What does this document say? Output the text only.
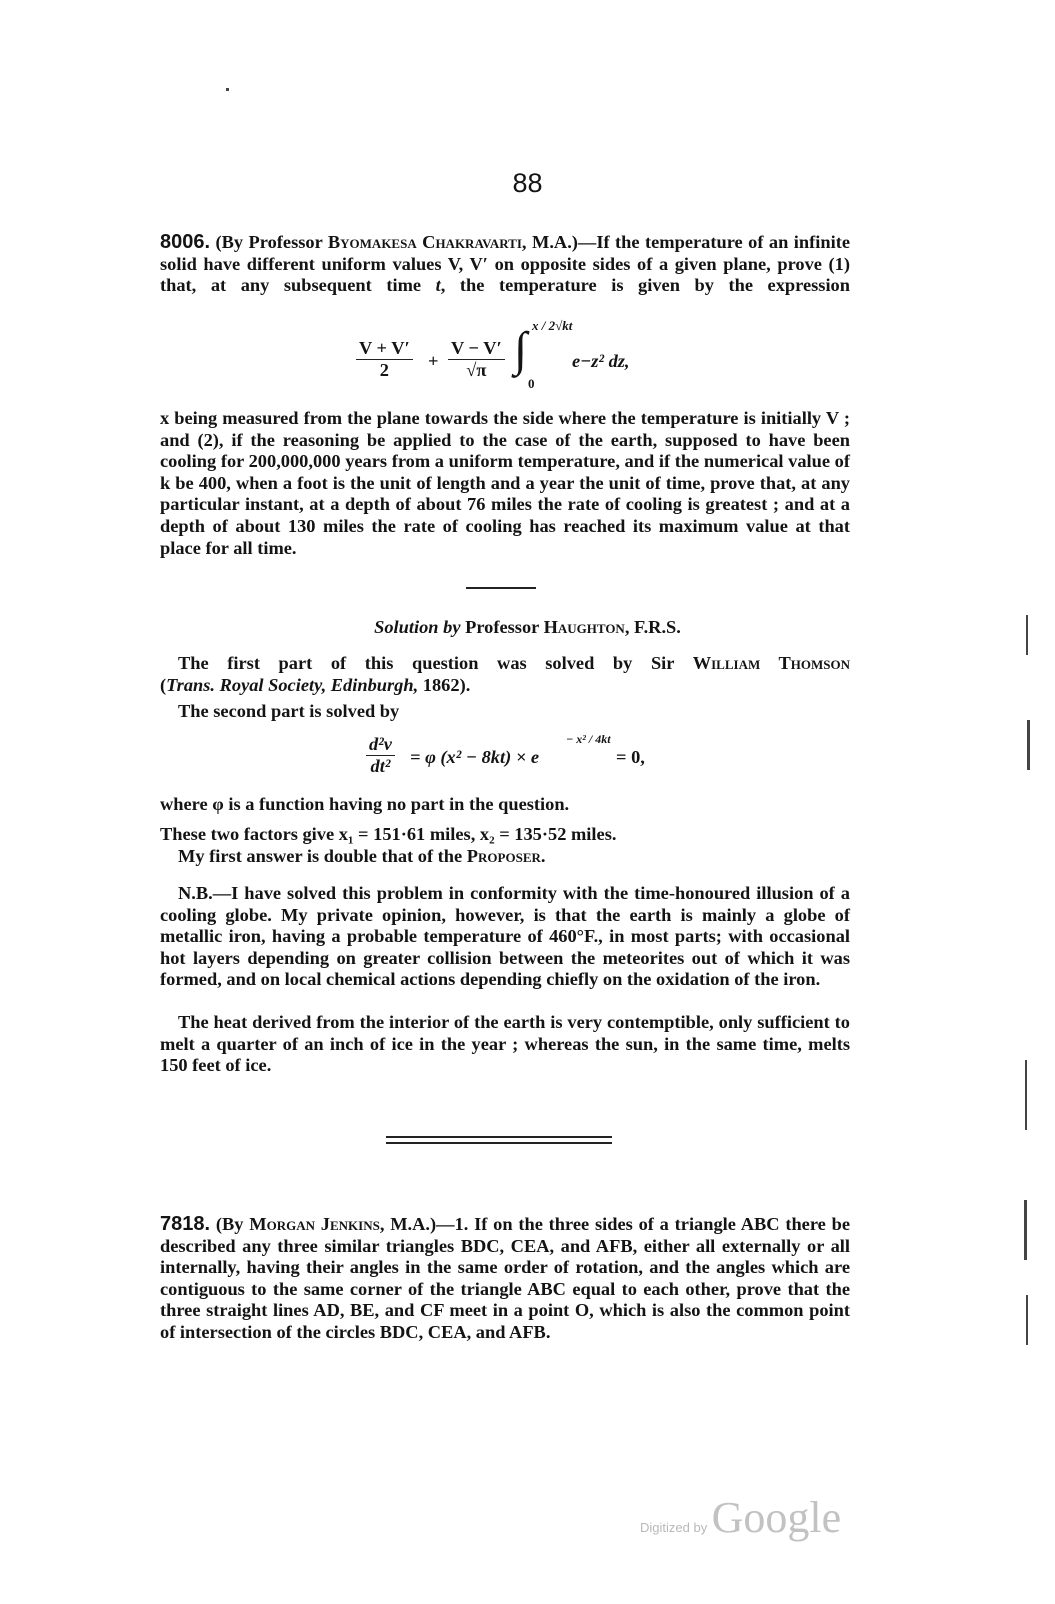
88
8006. (By Professor Byomakesa Chakravarti, M.A.)—If the temperature of an infinite solid have different uniform values V, V′ on opposite sides of a given plane, prove (1) that, at any subsequent time t, the temperature is given by the expression
$\frac{V + V'}{2} + \frac{V - V'}{√\pi}$ ∫ x / 2√kt
0
e−z² dz,
x being measured from the plane towards the side where the temperature is initially V ; and (2), if the reasoning be applied to the case of the earth, supposed to have been cooling for 200,000,000 years from a uniform temperature, and if the numerical value of k be 400, when a foot is the unit of length and a year the unit of time, prove that, at any particular instant, at a depth of about 76 miles the rate of cooling is greatest ; and at a depth of about 130 miles the rate of cooling has reached its maximum value at that place for all time.
Solution by Professor Haughton, F.R.S.
The first part of this question was solved by Sir William Thomson
(Trans. Royal Society, Edinburgh, 1862).
The second part is solved by
$\frac{\text{d²v}}{\text{dt²}} = \varphi$ (x² − 8kt) × e
− x² / 4kt
= 0,
where φ is a function having no part in the question.
These two factors give x₁ = 151·61 miles, x₂ = 135·52 miles.
My first answer is double that of the Proposer.
N.B.—I have solved this problem in conformity with the time-honoured illusion of a cooling globe. My private opinion, however, is that the earth is mainly a globe of metallic iron, having a probable temperature of 460°F., in most parts; with occasional hot layers depending on greater collision between the meteorites out of which it was formed, and on local chemical actions depending chiefly on the oxidation of the iron.
The heat derived from the interior of the earth is very contemptible, only sufficient to melt a quarter of an inch of ice in the year ; whereas the sun, in the same time, melts 150 feet of ice.
7818. (By Morgan Jenkins, M.A.)—1. If on the three sides of a triangle ABC there be described any three similar triangles BDC, CEA, and AFB, either all externally or all internally, having their angles in the same order of rotation, and the angles which are contiguous to the same corner of the triangle ABC equal to each other, prove that the three straight lines AD, BE, and CF meet in a point O, which is also the common point of intersection of the circles BDC, CEA, and AFB.
Digitized by Google
